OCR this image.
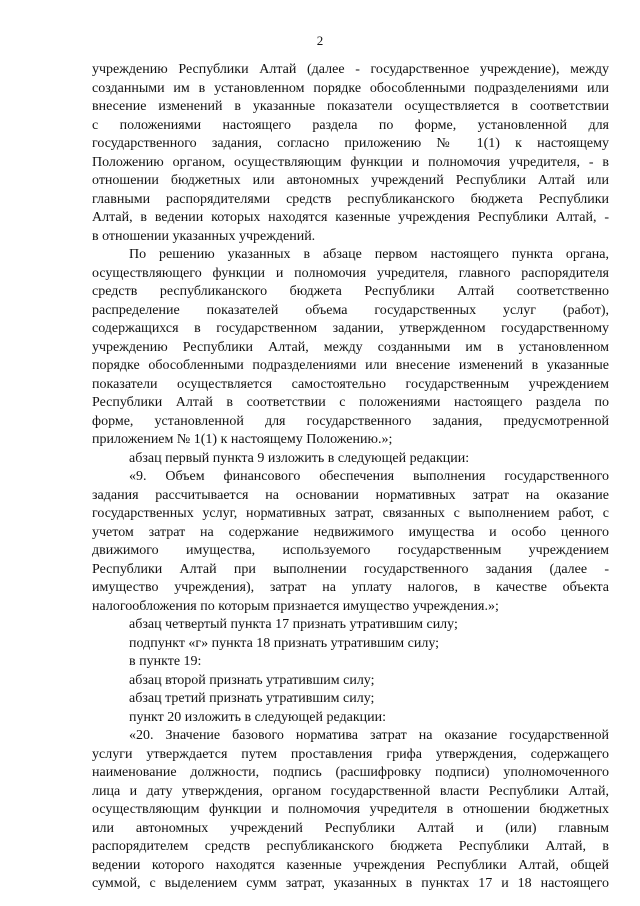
2
учреждению Республики Алтай (далее - государственное учреждение), между
созданными им в установленном порядке обособленными подразделениями или
внесение изменений в указанные показатели осуществляется в соответствии
с положениями настоящего раздела по форме, установленной для
государственного задания, согласно приложению № 1(1) к настоящему
Положению органом, осуществляющим функции и полномочия учредителя, - в
отношении бюджетных или автономных учреждений Республики Алтай или
главными распорядителями средств республиканского бюджета Республики
Алтай, в ведении которых находятся казенные учреждения Республики Алтай, -
в отношении указанных учреждений.
По решению указанных в абзаце первом настоящего пункта органа,
осуществляющего функции и полномочия учредителя, главного распорядителя
средств республиканского бюджета Республики Алтай соответственно
распределение показателей объема государственных услуг (работ),
содержащихся в государственном задании, утвержденном государственному
учреждению Республики Алтай, между созданными им в установленном
порядке обособленными подразделениями или внесение изменений в указанные
показатели осуществляется самостоятельно государственным учреждением
Республики Алтай в соответствии с положениями настоящего раздела по
форме, установленной для государственного задания, предусмотренной
приложением № 1(1) к настоящему Положению.»;
абзац первый пункта 9 изложить в следующей редакции:
«9. Объем финансового обеспечения выполнения государственного
задания рассчитывается на основании нормативных затрат на оказание
государственных услуг, нормативных затрат, связанных с выполнением работ, с
учетом затрат на содержание недвижимого имущества и особо ценного
движимого имущества, используемого государственным учреждением
Республики Алтай при выполнении государственного задания (далее -
имущество учреждения), затрат на уплату налогов, в качестве объекта
налогообложения по которым признается имущество учреждения.»;
абзац четвертый пункта 17 признать утратившим силу;
подпункт «г» пункта 18 признать утратившим силу;
в пункте 19:
абзац второй признать утратившим силу;
абзац третий признать утратившим силу;
пункт 20 изложить в следующей редакции:
«20. Значение базового норматива затрат на оказание государственной
услуги утверждается путем проставления грифа утверждения, содержащего
наименование должности, подпись (расшифровку подписи) уполномоченного
лица и дату утверждения, органом государственной власти Республики Алтай,
осуществляющим функции и полномочия учредителя в отношении бюджетных
или автономных учреждений Республики Алтай и (или) главным
распорядителем средств республиканского бюджета Республики Алтай, в
ведении которого находятся казенные учреждения Республики Алтай, общей
суммой, с выделением сумм затрат, указанных в пунктах 17 и 18 настоящего
